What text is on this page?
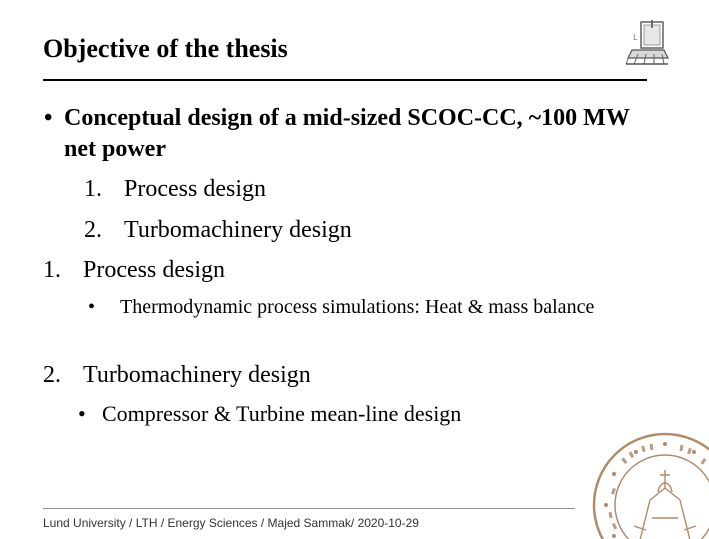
Objective of the thesis	L
• Conceptual design of a mid-sized SCOC-CC, ~100 MW net power
1. Process design
2. Turbomachinery design
1. Process design
• Thermodynamic process simulations: Heat & mass balance
2. Turbomachinery design
• Compressor & Turbine mean-line design
Lund University / LTH / Energy Sciences / Majed Sammak/ 2020-10-29
